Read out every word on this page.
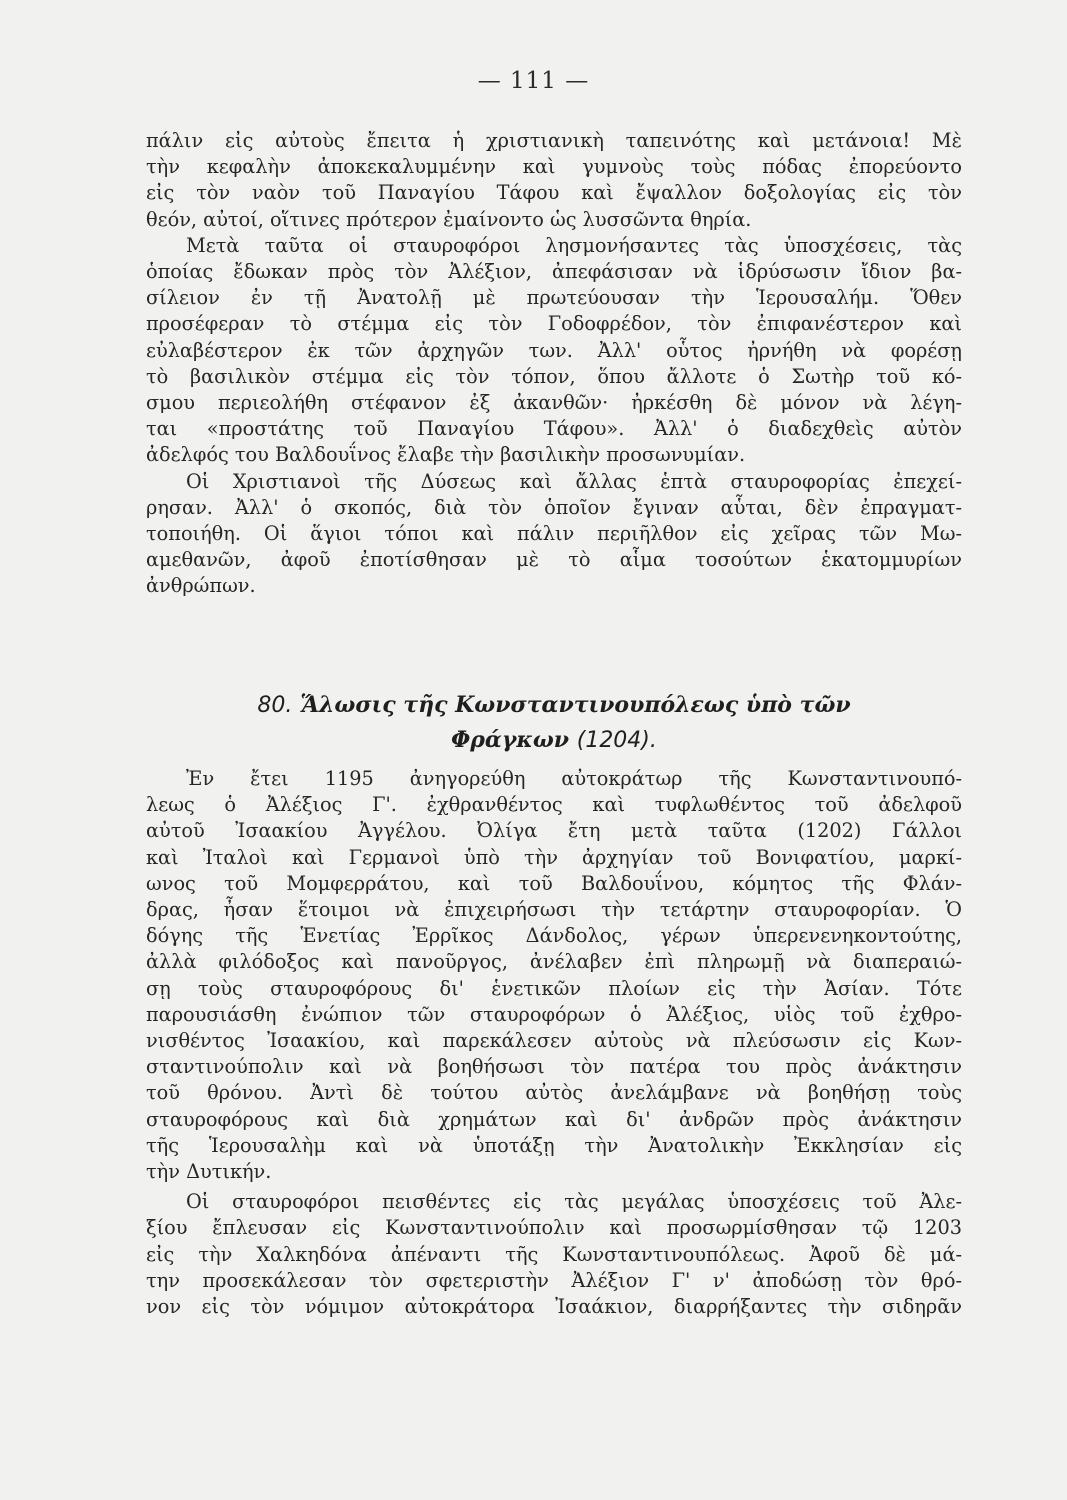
— 111 —

πάλιν εἰς αὐτοὺς ἔπειτα ἡ χριστιανικὴ ταπεινότης καὶ μετάνοια! Μὲ
τὴν κεφαλὴν ἀποκεκαλυμμένην καὶ γυμνοὺς τοὺς πόδας ἐπορεύοντο
εἰς τὸν ναὸν τοῦ Παναγίου Τάφου καὶ ἔψαλλον δοξολογίας εἰς τὸν
θεόν, αὐτοί, οἵτινες πρότερον ἐμαίνοντο ὡς λυσσῶντα θηρία.

Μετὰ ταῦτα οἱ σταυροφόροι λησμονήσαντες τὰς ὑποσχέσεις, τὰς
ὁποίας ἔδωκαν πρὸς τὸν Ἀλέξιον, ἀπεφάσισαν νὰ ἱδρύσωσιν ἴδιον βα-
σίλειον ἐν τῇ Ἀνατολῇ μὲ πρωτεύουσαν τὴν Ἱερουσαλήμ. Ὅθεν
προσέφεραν τὸ στέμμα εἰς τὸν Γοδοφρέδον, τὸν ἐπιφανέστερον καὶ
εὐλαβέστερον ἐκ τῶν ἀρχηγῶν των. Ἀλλ' οὗτος ἠρνήθη νὰ φορέσῃ
τὸ βασιλικὸν στέμμα εἰς τὸν τόπον, ὅπου ἄλλοτε ὁ Σωτὴρ τοῦ κό-
σμου περιεολήθη στέφανον ἐξ ἀκανθῶν· ἠρκέσθη δὲ μόνον νὰ λέγη-
ται «προστάτης τοῦ Παναγίου Τάφου». Ἀλλ' ὁ διαδεχθεὶς αὐτὸν
ἀδελφός του Βαλδουΐνος ἔλαβε τὴν βασιλικὴν προσωνυμίαν.

Οἱ Χριστιανοὶ τῆς Δύσεως καὶ ἄλλας ἑπτὰ σταυροφορίας ἐπεχεί-
ρησαν. Ἀλλ' ὁ σκοπός, διὰ τὸν ὁποῖον ἔγιναν αὗται, δὲν ἐπραγματ-
τοποιήθη. Οἱ ἅγιοι τόποι καὶ πάλιν περιῆλθον εἰς χεῖρας τῶν Μω-
αμεθανῶν, ἀφοῦ ἐποτίσθησαν μὲ τὸ αἷμα τοσούτων ἑκατομμυρίων
ἀνθρώπων.

80. Ἅλωσις τῆς Κωνσταντινουπόλεως ὑπὸ τῶν
Φράγκων (1204).

Ἐν ἔτει 1195 ἀνηγορεύθη αὐτοκράτωρ τῆς Κωνσταντινουπό-
λεως ὁ Ἀλέξιος Γ'. ἐχθρανθέντος καὶ τυφλωθέντος τοῦ ἀδελφοῦ
αὐτοῦ Ἰσαακίου Ἀγγέλου. Ὀλίγα ἔτη μετὰ ταῦτα (1202) Γάλλοι
καὶ Ἰταλοὶ καὶ Γερμανοὶ ὑπὸ τὴν ἀρχηγίαν τοῦ Βονιφατίου, μαρκί-
ωνος τοῦ Μομφερράτου, καὶ τοῦ Βαλδουΐνου, κόμητος τῆς Φλάν-
δρας, ἦσαν ἕτοιμοι νὰ ἐπιχειρήσωσι τὴν τετάρτην σταυροφορίαν. Ὁ
δόγης τῆς Ἑνετίας Ἐρρῖκος Δάνδολος, γέρων ὑπερενενηκοντούτης,
ἀλλὰ φιλόδοξος καὶ πανοῦργος, ἀνέλαβεν ἐπὶ πληρωμῇ νὰ διαπεραιώ-
σῃ τοὺς σταυροφόρους δι' ἑνετικῶν πλοίων εἰς τὴν Ἀσίαν. Τότε
παρουσιάσθη ἐνώπιον τῶν σταυροφόρων ὁ Ἀλέξιος, υἱὸς τοῦ ἐχθρο-
νισθέντος Ἰσαακίου, καὶ παρεκάλεσεν αὐτοὺς νὰ πλεύσωσιν εἰς Κων-
σταντινούπολιν καὶ νὰ βοηθήσωσι τὸν πατέρα του πρὸς ἀνάκτησιν
τοῦ θρόνου. Ἀντὶ δὲ τούτου αὐτὸς ἀνελάμβανε νὰ βοηθήσῃ τοὺς
σταυροφόρους καὶ διὰ χρημάτων καὶ δι' ἀνδρῶν πρὸς ἀνάκτησιν
τῆς Ἱερουσαλὴμ καὶ νὰ ὑποτάξῃ τὴν Ἀνατολικὴν Ἐκκλησίαν εἰς
τὴν Δυτικήν.

Οἱ σταυροφόροι πεισθέντες εἰς τὰς μεγάλας ὑποσχέσεις τοῦ Ἀλε-
ξίου ἔπλευσαν εἰς Κωνσταντινούπολιν καὶ προσωρμίσθησαν τῷ 1203
εἰς τὴν Χαλκηδόνα ἀπέναντι τῆς Κωνσταντινουπόλεως. Ἀφοῦ δὲ μά-
την προσεκάλεσαν τὸν σφετεριστὴν Ἀλέξιον Γ' ν' ἀποδώσῃ τὸν θρό-
νον εἰς τὸν νόμιμον αὐτοκράτορα Ἰσαάκιον, διαρρήξαντες τὴν σιδηρᾶν
